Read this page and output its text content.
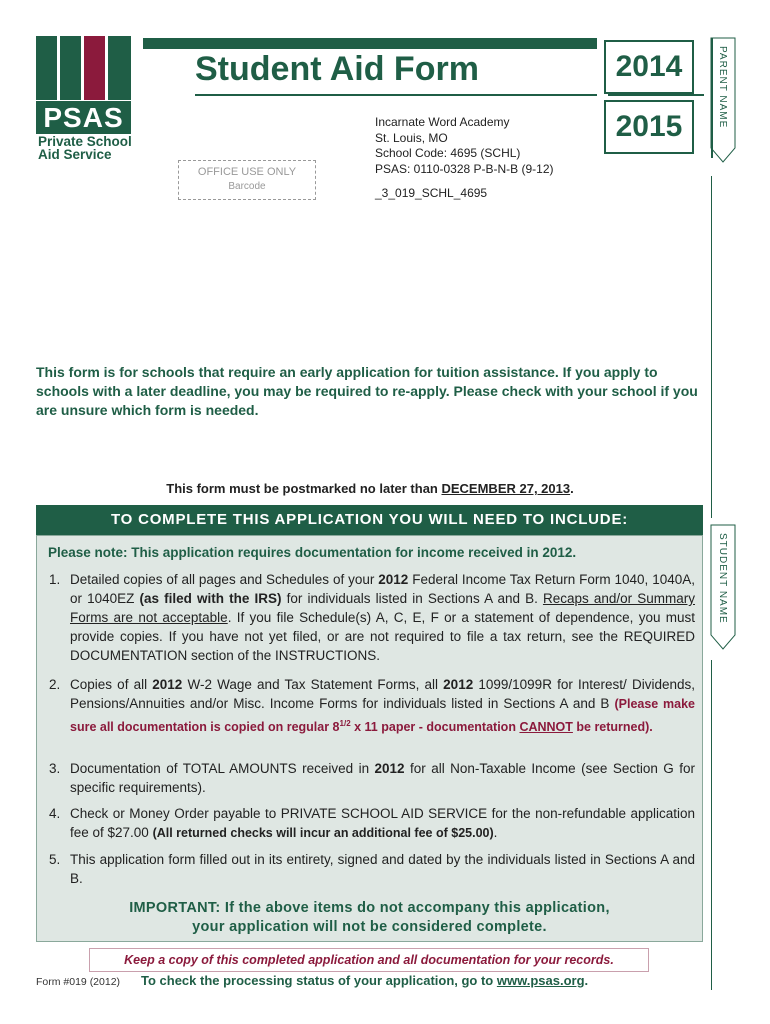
PSAS
Private School
Aid Service
Student Aid Form	2014
2015
Incarnate Word Academy
St. Louis, MO
School Code: 4695 (SCHL)
PSAS: 0110-0328 P-B-N-B (9-12)
_3_019_SCHL_4695
OFFICE USE ONLY
Barcode
PARENT NAME
STUDENT NAME
This form is for schools that require an early application for tuition assistance. If you apply to schools with a later deadline, you may be required to re-apply. Please check with your school if you are unsure which form is needed.
This form must be postmarked no later than DECEMBER 27, 2013.
TO COMPLETE THIS APPLICATION YOU WILL NEED TO INCLUDE:
Please note: This application requires documentation for income received in 2012.
1. Detailed copies of all pages and Schedules of your 2012 Federal Income Tax Return Form 1040, 1040A, or 1040EZ (as filed with the IRS) for individuals listed in Sections A and B. Recaps and/or Summary Forms are not acceptable. If you file Schedule(s) A, C, E, F or a statement of dependence, you must provide copies. If you have not yet filed, or are not required to file a tax return, see the REQUIRED DOCUMENTATION section of the INSTRUCTIONS.
2. Copies of all 2012 W-2 Wage and Tax Statement Forms, all 2012 1099/1099R for Interest/ Dividends, Pensions/Annuities and/or Misc. Income Forms for individuals listed in Sections A and B (Please make sure all documentation is copied on regular $8^{1/2}$ x 11 paper - documentation CANNOT be returned).
3. Documentation of TOTAL AMOUNTS received in 2012 for all Non-Taxable Income (see Section G for specific requirements).
4. Check or Money Order payable to PRIVATE SCHOOL AID SERVICE for the non-refundable application fee of $27.00 (All returned checks will incur an additional fee of $25.00).
5. This application form filled out in its entirety, signed and dated by the individuals listed in Sections A and B.
IMPORTANT: If the above items do not accompany this application,
your application will not be considered complete.
Keep a copy of this completed application and all documentation for your records.
Form #019 (2012) To check the processing status of your application, go to www.psas.org.
